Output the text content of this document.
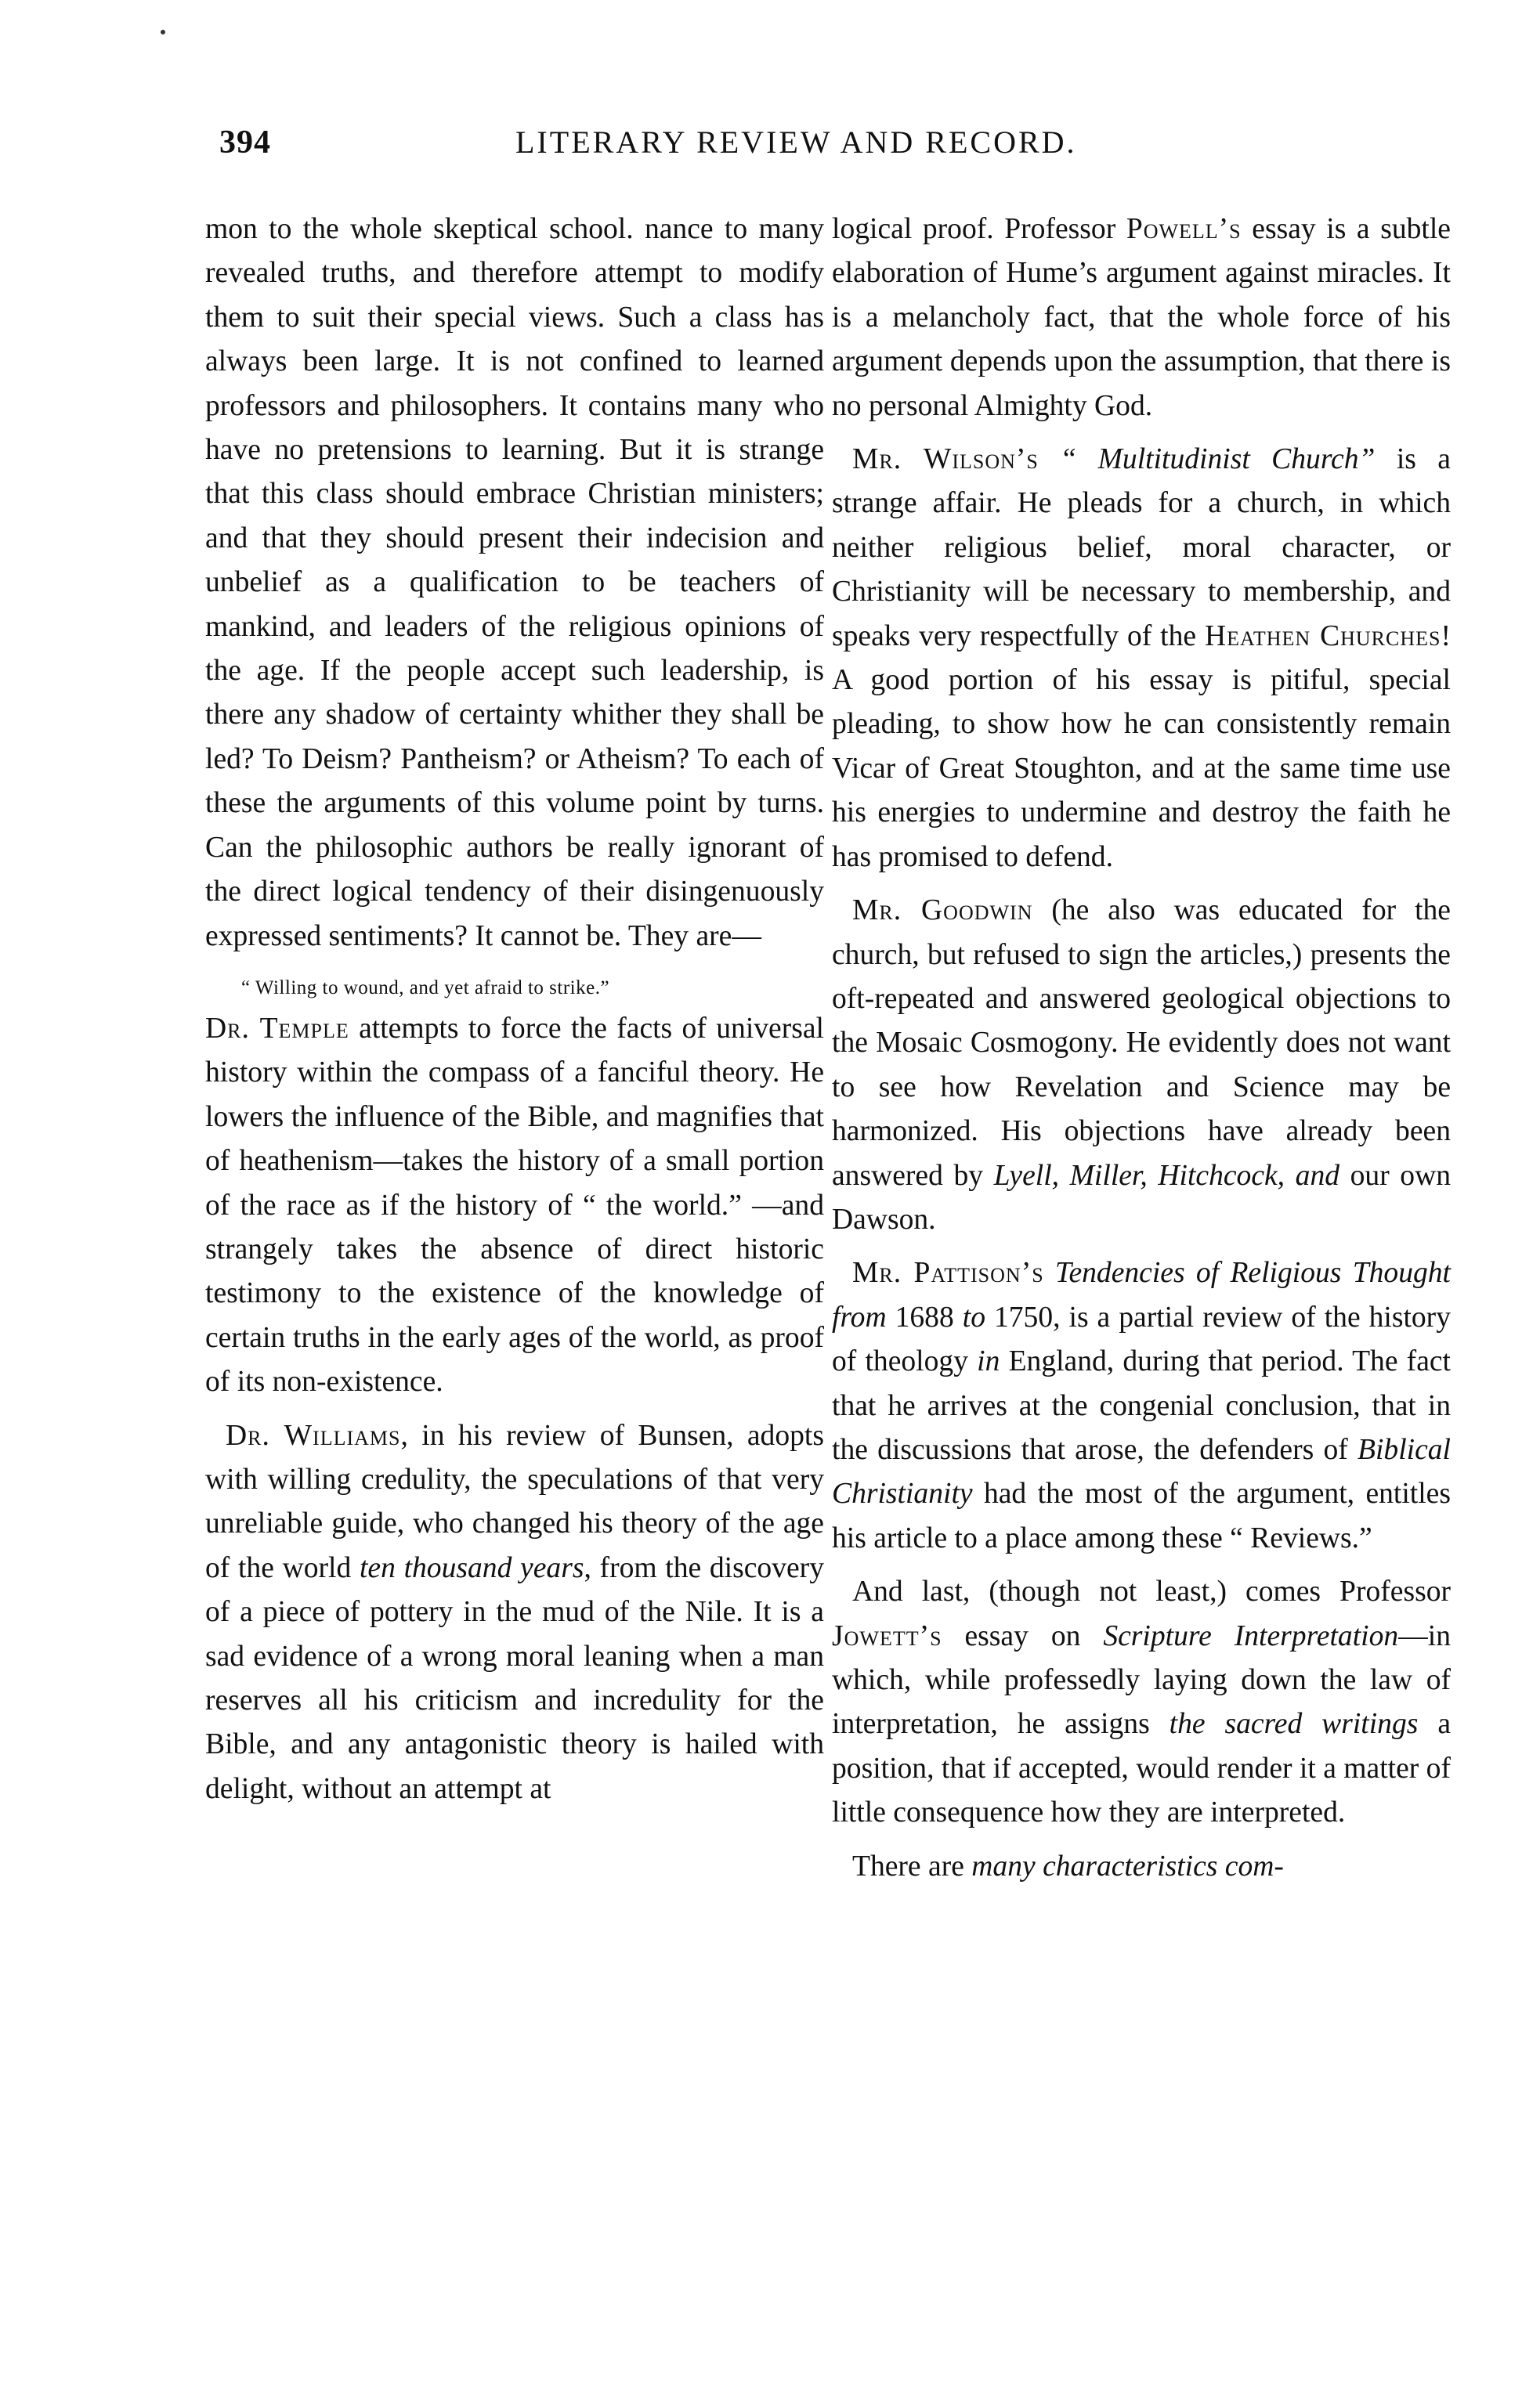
394	LITERARY REVIEW AND RECORD.

mon to the whole skeptical school. nance to many revealed truths, and therefore attempt to modify them to suit their special views. Such a class has always been large. It is not confined to learned professors and philosophers. It contains many who have no pretensions to learning. But it is strange that this class should embrace Christian ministers; and that they should present their indecision and unbelief as a qualification to be teachers of mankind, and leaders of the religious opinions of the age. If the people accept such leadership, is there any shadow of certainty whither they shall be led? To Deism? Pantheism? or Atheism? To each of these the arguments of this volume point by turns. Can the philosophic authors be really ignorant of the direct logical tendency of their disingenuously expressed sentiments? It cannot be. They are—

“ Willing to wound, and yet afraid to strike.”

Dr. Temple attempts to force the facts of universal history within the compass of a fanciful theory. He lowers the influence of the Bible, and magnifies that of heathenism—takes the history of a small portion of the race as if the history of “ the world.” —and strangely takes the absence of direct historic testimony to the existence of the knowledge of certain truths in the early ages of the world, as proof of its non-existence.

Dr. Williams, in his review of Bunsen, adopts with willing credulity, the speculations of that very unreliable guide, who changed his theory of the age of the world ten thousand years, from the discovery of a piece of pottery in the mud of the Nile. It is a sad evidence of a wrong moral leaning when a man reserves all his criticism and incredulity for the Bible, and any antagonistic theory is hailed with delight, without an attempt at

logical proof. Professor Powell’s essay is a subtle elaboration of Hume’s argument against miracles. It is a melancholy fact, that the whole force of his argument depends upon the assumption, that there is no personal Almighty God.

Mr. Wilson’s “ Multitudinist Church” is a strange affair. He pleads for a church, in which neither religious belief, moral character, or Christianity will be necessary to membership, and speaks very respectfully of the Heathen Churches! A good portion of his essay is pitiful, special pleading, to show how he can consistently remain Vicar of Great Stoughton, and at the same time use his energies to undermine and destroy the faith he has promised to defend.

Mr. Goodwin (he also was educated for the church, but refused to sign the articles,) presents the oft-repeated and answered geological objections to the Mosaic Cosmogony. He evidently does not want to see how Revelation and Science may be harmonized. His objections have already been answered by Lyell, Miller, Hitchcock, and our own Dawson.

Mr. Pattison’s Tendencies of Religious Thought from 1688 to 1750, is a partial review of the history of theology in England, during that period. The fact that he arrives at the congenial conclusion, that in the discussions that arose, the defenders of Biblical Christianity had the most of the argument, entitles his article to a place among these “ Reviews.”

And last, (though not least,) comes Professor Jowett’s essay on Scripture Interpretation—in which, while professedly laying down the law of interpretation, he assigns the sacred writings a position, that if accepted, would render it a matter of little consequence how they are interpreted.

There are many characteristics com-
